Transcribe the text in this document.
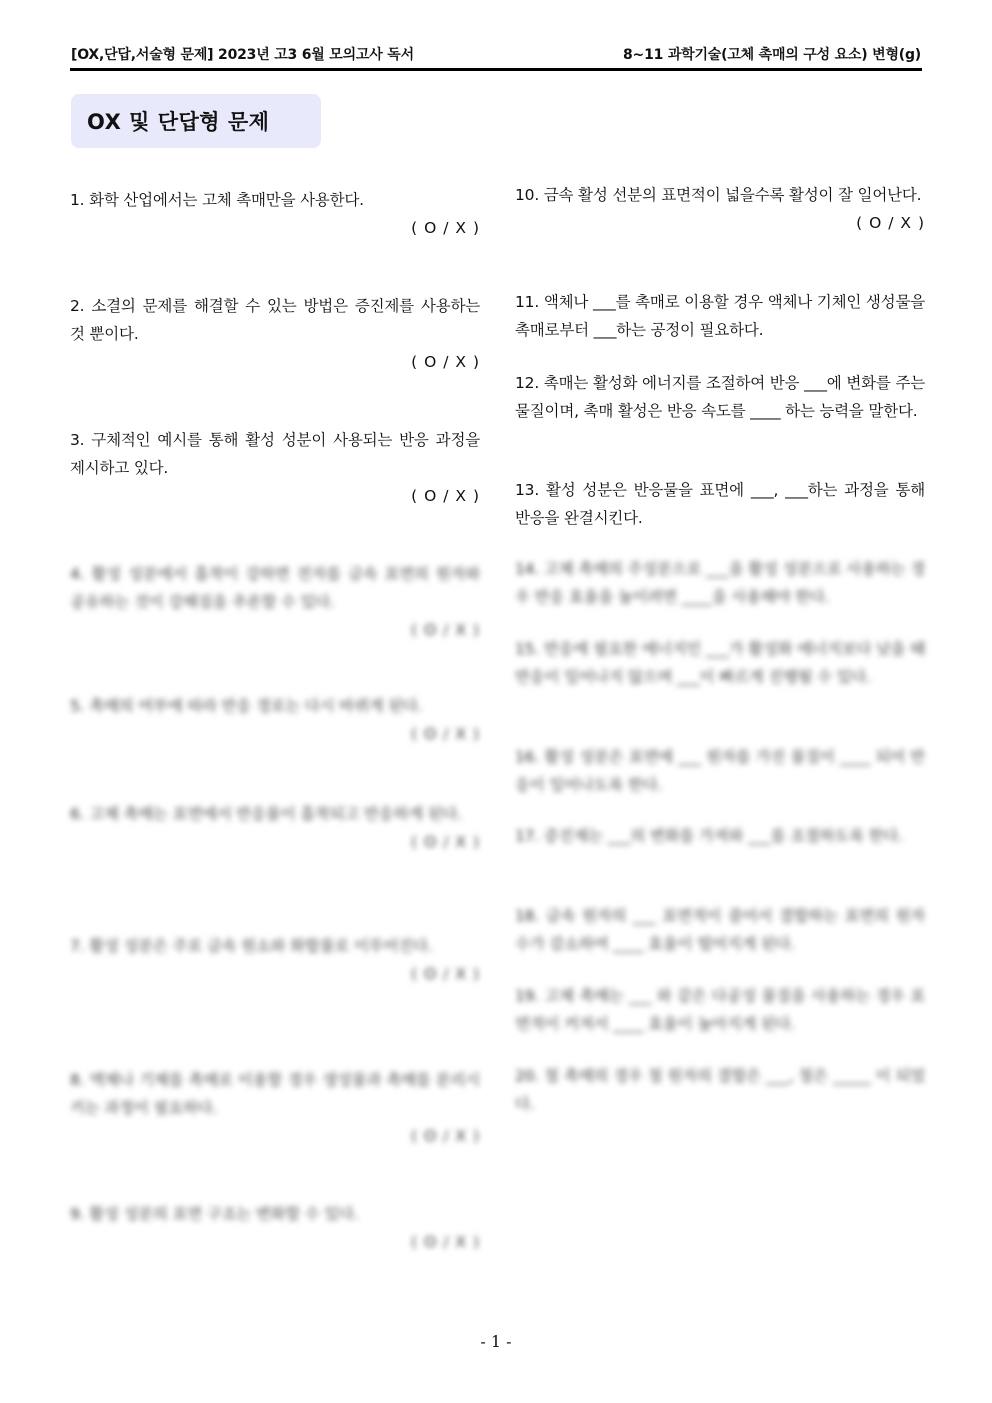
[OX,단답,서술형 문제] 2023년 고3 6월 모의고사 독서	8~11 과학기술(고체 촉매의 구성 요소) 변형(g)
OX 및 단답형 문제
1. 화학 산업에서는 고체 촉매만을 사용한다.
( O / X )
2. 소결의 문제를 해결할 수 있는 방법은 증진제를 사용하는 것 뿐이다.
( O / X )
3. 구체적인 예시를 통해 활성 성분이 사용되는 반응 과정을 제시하고 있다.
( O / X )
4. 활성 성분에서 흡착이 강하면 전자를 금속 표면의 원자와 공유하는 것이 강해짐을 추론할 수 있다.
( O / X )
5. 촉매의 여부에 따라 반응 경로는 다시 바뀌게 된다.
( O / X )
6. 고체 촉매는 표면에서 반응물이 흡착되고 반응하게 된다.
( O / X )
7. 활성 성분은 주로 금속 원소와 화합물로 이루어진다.
( O / X )
8. 액체나 기체를 촉매로 이용할 경우 생성물과 촉매를 분리시키는 과정이 필요하다.
( O / X )
9. 활성 성분의 표면 구조는 변화할 수 있다.
( O / X )
10. 금속 활성 선분의 표면적이 넓을수록 활성이 잘 일어난다.
( O / X )
11. 액체나 ___를 촉매로 이용할 경우 액체나 기체인 생성물을 촉매로부터 ___하는 공정이 필요하다.
12. 촉매는 활성화 에너지를 조절하여 반응 ___에 변화를 주는 물질이며, 촉매 활성은 반응 속도를 ____ 하는 능력을 말한다.
13. 활성 성분은 반응물을 표면에 ___, ___하는 과정을 통해 반응을 완결시킨다.
14. 고체 촉매의 주성분으로 ___을 활성 성분으로 사용하는 경우 반응 효율을 높이려면 ____을 사용해야 한다.
15. 반응에 필요한 에너지인 ___가 활성화 에너지보다 낮을 때 반응이 일어나지 않으며 ___이 빠르게 진행될 수 있다.
16. 활성 성분은 표면에 ___ 원자를 가진 물질이 ____ 되어 반응이 일어나도록 한다.
17. 증진제는 ___의 변화를 가져와 ___를 조절하도록 한다.
18. 금속 원자의 ___ 표면적이 줄어서 결합하는 표면의 원자 수가 감소하여 ____ 효율이 떨어지게 된다.
19. 고체 촉매는 ___ 와 같은 다공성 물질을 사용하는 경우 표면적이 커져서 ____ 효율이 높아지게 된다.
20. 철 촉매의 경우 철 원자의 결합은 ___, 철은 _____ 이 되었다.
- 1 -
